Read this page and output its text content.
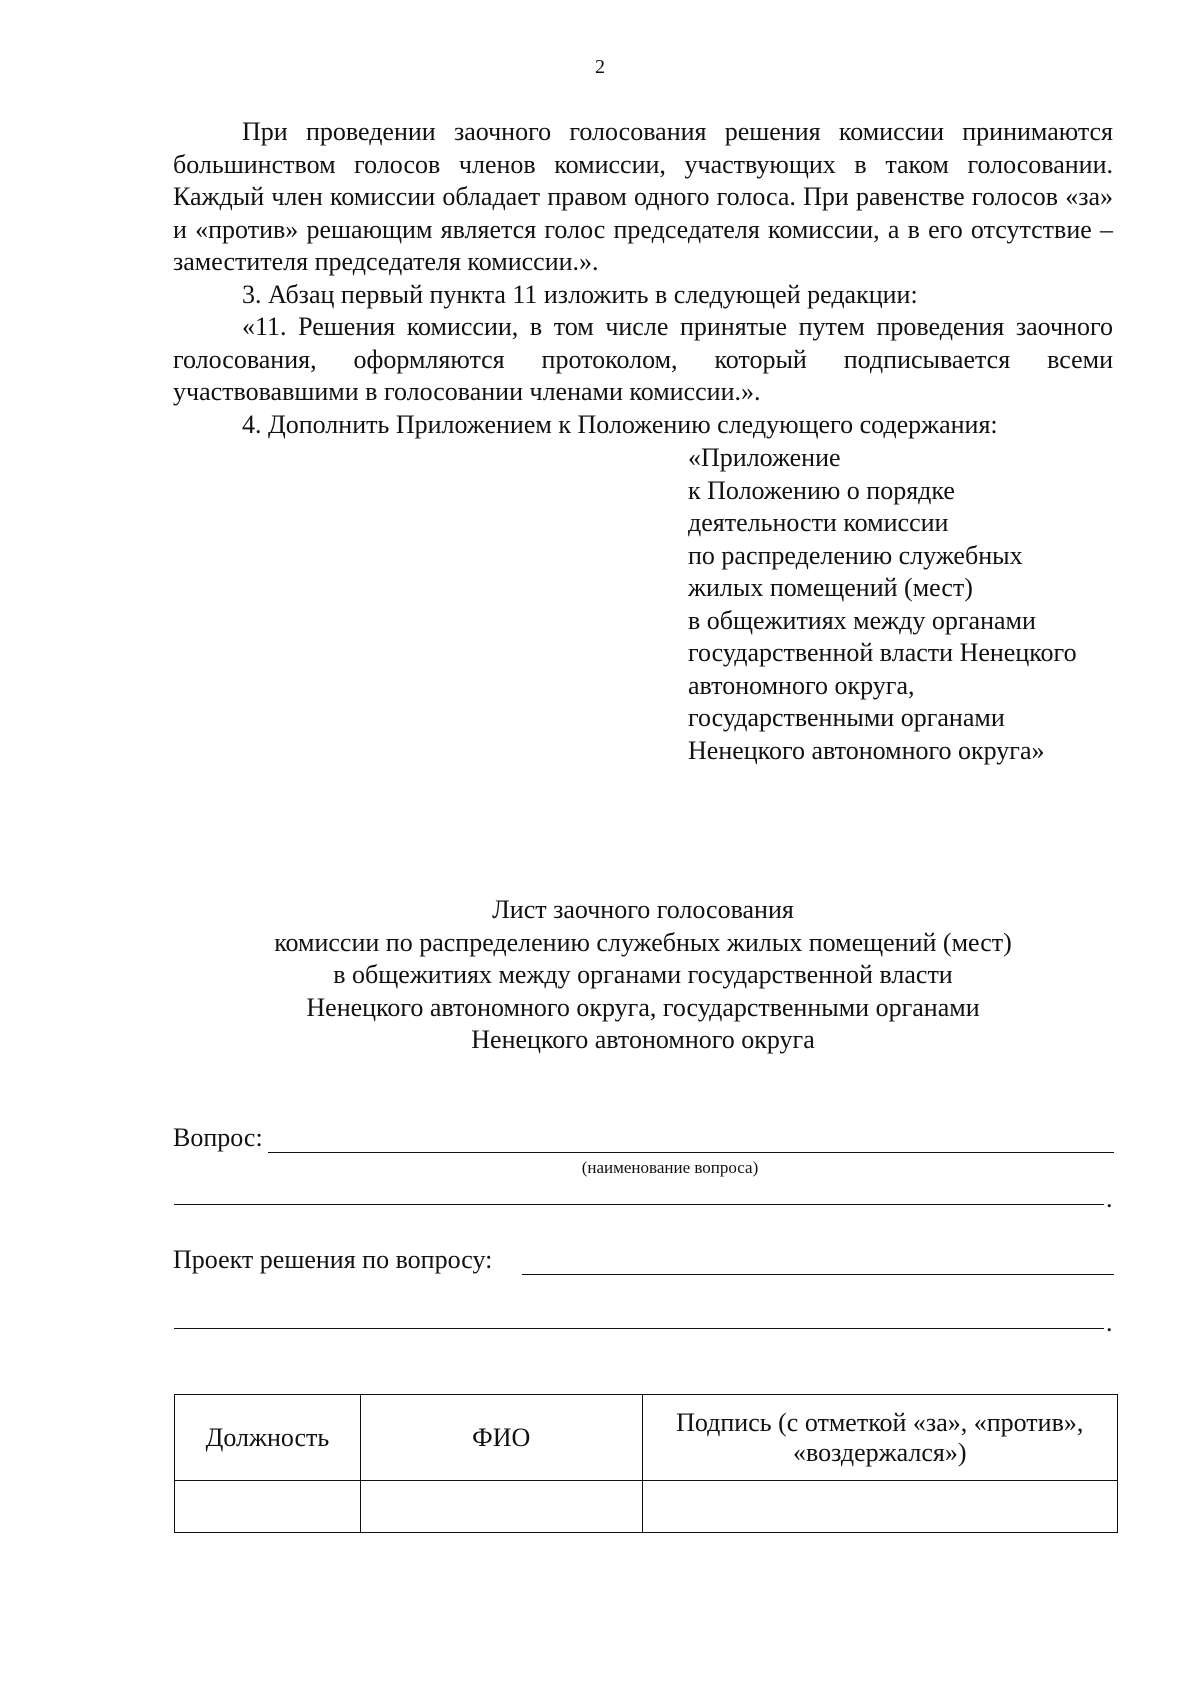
2

При проведении заочного голосования решения комиссии принимаются большинством голосов членов комиссии, участвующих в таком голосовании. Каждый член комиссии обладает правом одного голоса. При равенстве голосов «за» и «против» решающим является голос председателя комиссии, а в его отсутствие – заместителя председателя комиссии.».

3. Абзац первый пункта 11 изложить в следующей редакции:

«11. Решения комиссии, в том числе принятые путем проведения заочного голосования, оформляются протоколом, который подписывается всеми участвовавшими в голосовании членами комиссии.».

4. Дополнить Приложением к Положению следующего содержания:

«Приложение
к Положению о порядке
деятельности комиссии
по распределению служебных
жилых помещений (мест)
в общежитиях между органами
государственной власти Ненецкого
автономного округа,
государственными органами
Ненецкого автономного округа»
Лист заочного голосования
комиссии по распределению служебных жилых помещений (мест)
в общежитиях между органами государственной власти
Ненецкого автономного округа, государственными органами
Ненецкого автономного округа
Вопрос:
(наименование вопроса)
.
Проект решения по вопросу:
.
Должность	ФИО	Подпись (с отметкой «за», «против», «воздержался»)
